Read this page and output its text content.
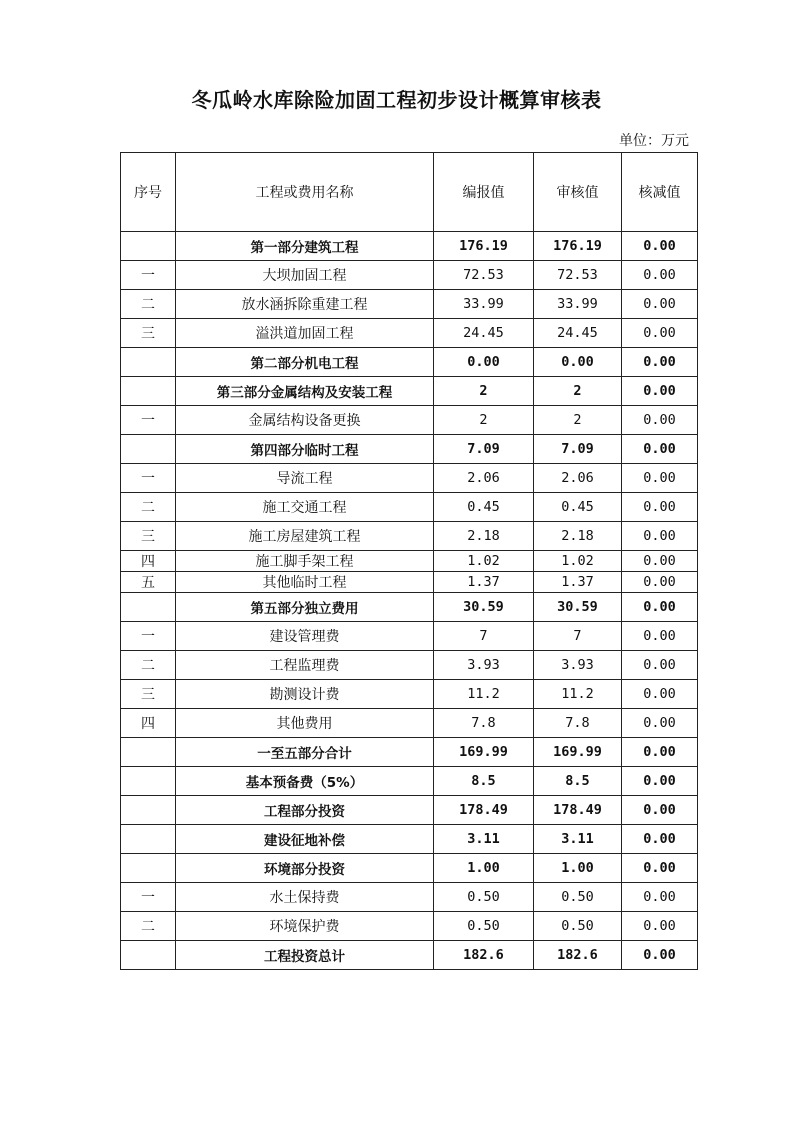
冬瓜岭水库除险加固工程初步设计概算审核表
单位：万元
序号	工程或费用名称	编报值	审核值	核减值
	第一部分建筑工程	176.19	176.19	0.00
一	大坝加固工程	72.53	72.53	0.00
二	放水涵拆除重建工程	33.99	33.99	0.00
三	溢洪道加固工程	24.45	24.45	0.00
	第二部分机电工程	0.00	0.00	0.00
	第三部分金属结构及安装工程	2	2	0.00
一	金属结构设备更换	2	2	0.00
	第四部分临时工程	7.09	7.09	0.00
一	导流工程	2.06	2.06	0.00
二	施工交通工程	0.45	0.45	0.00
三	施工房屋建筑工程	2.18	2.18	0.00
四	施工脚手架工程	1.02	1.02	0.00
五	其他临时工程	1.37	1.37	0.00
	第五部分独立费用	30.59	30.59	0.00
一	建设管理费	7	7	0.00
二	工程监理费	3.93	3.93	0.00
三	勘测设计费	11.2	11.2	0.00
四	其他费用	7.8	7.8	0.00
	一至五部分合计	169.99	169.99	0.00
	基本预备费（5%）	8.5	8.5	0.00
	工程部分投资	178.49	178.49	0.00
	建设征地补偿	3.11	3.11	0.00
	环境部分投资	1.00	1.00	0.00
一	水土保持费	0.50	0.50	0.00
二	环境保护费	0.50	0.50	0.00
	工程投资总计	182.6	182.6	0.00
